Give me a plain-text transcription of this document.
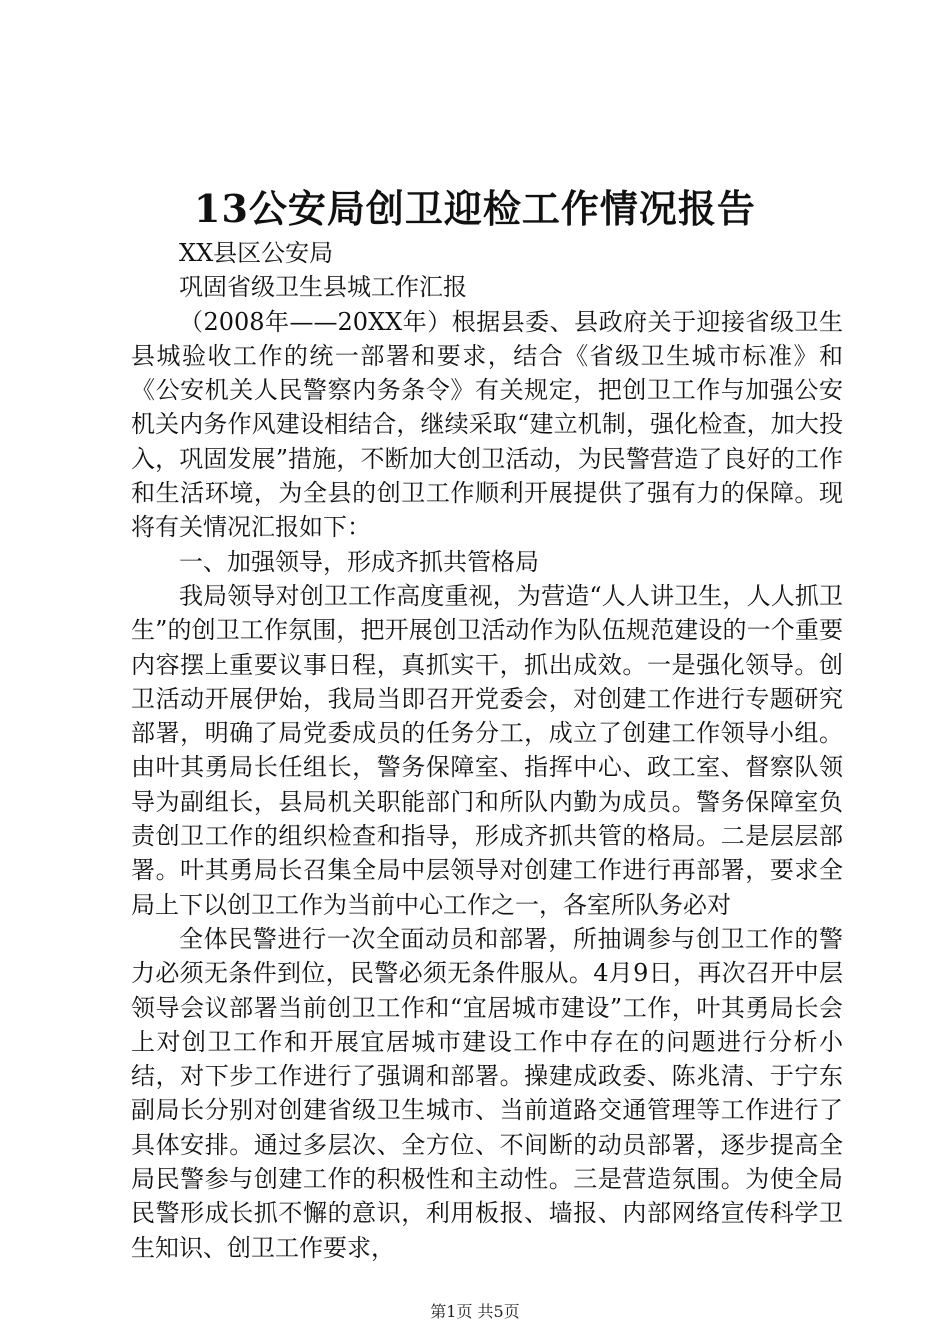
13公安局创卫迎检工作情况报告

XX县区公安局

巩固省级卫生县城工作汇报

（2008年——20XX年）根据县委、县政府关于迎接省级卫生县城验收工作的统一部署和要求，结合《省级卫生城市标准》和《公安机关人民警察内务条令》有关规定，把创卫工作与加强公安机关内务作风建设相结合，继续采取“建立机制，强化检查，加大投入，巩固发展”措施，不断加大创卫活动，为民警营造了良好的工作和生活环境，为全县的创卫工作顺利开展提供了强有力的保障。现将有关情况汇报如下：

一、加强领导，形成齐抓共管格局

我局领导对创卫工作高度重视，为营造“人人讲卫生，人人抓卫生”的创卫工作氛围，把开展创卫活动作为队伍规范建设的一个重要内容摆上重要议事日程，真抓实干，抓出成效。一是强化领导。创卫活动开展伊始，我局当即召开党委会，对创建工作进行专题研究部署，明确了局党委成员的任务分工，成立了创建工作领导小组。由叶其勇局长任组长，警务保障室、指挥中心、政工室、督察队领导为副组长，县局机关职能部门和所队内勤为成员。警务保障室负责创卫工作的组织检查和指导，形成齐抓共管的格局。二是层层部署。叶其勇局长召集全局中层领导对创建工作进行再部署，要求全局上下以创卫工作为当前中心工作之一，各室所队务必对

全体民警进行一次全面动员和部署，所抽调参与创卫工作的警力必须无条件到位，民警必须无条件服从。4月9日，再次召开中层领导会议部署当前创卫工作和“宜居城市建设”工作，叶其勇局长会上对创卫工作和开展宜居城市建设工作中存在的问题进行分析小结，对下步工作进行了强调和部署。操建成政委、陈兆清、于宁东副局长分别对创建省级卫生城市、当前道路交通管理等工作进行了具体安排。通过多层次、全方位、不间断的动员部署，逐步提高全局民警参与创建工作的积极性和主动性。三是营造氛围。为使全局民警形成长抓不懈的意识，利用板报、墙报、内部网络宣传科学卫生知识、创卫工作要求，

第1页 共5页
